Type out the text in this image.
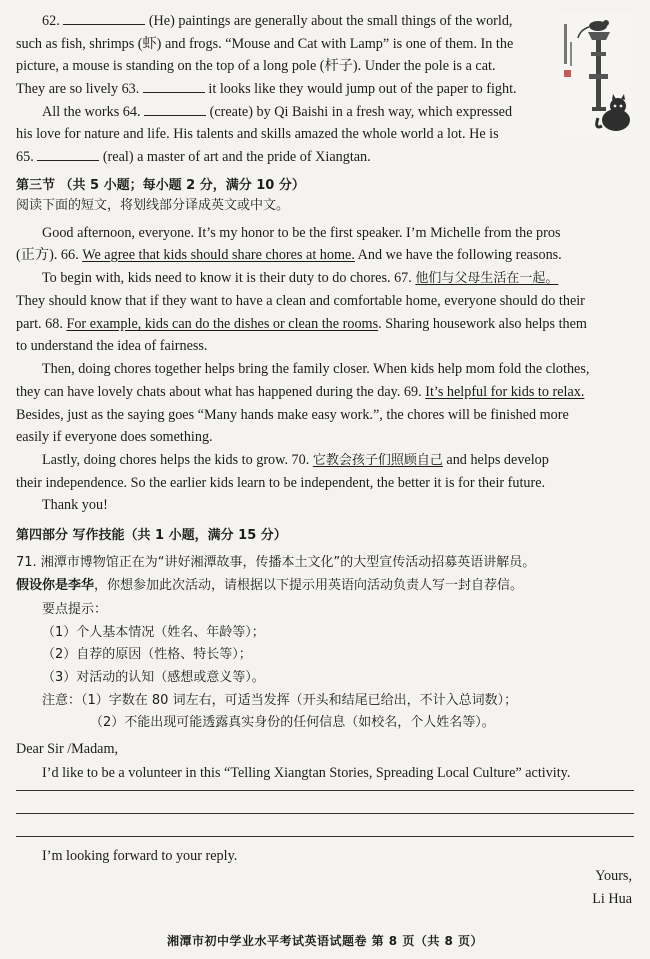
62.	(He) paintings are generally about the small things of the world,
such as fish, shrimps (虾) and frogs. “Mouse and Cat with Lamp” is one of them. In the
picture, a mouse is standing on the top of a long pole (杆子). Under the pole is a cat.
They are so lively 63.	it looks like they would jump out of the paper to fight.
All the works 64.	(create) by Qi Baishi in a fresh way, which expressed
his love for nature and life. His talents and skills amazed the whole world a lot. He is
65.	(real) a master of art and the pride of Xiangtan.
第三节 （共 5 小题；每小题 2 分，满分 10 分）
阅读下面的短文，将划线部分译成英文或中文。
Good afternoon, everyone. It’s my honor to be the first speaker. I’m Michelle from the pros
(正方). 66. We agree that kids should share chores at home. And we have the following reasons.
To begin with, kids need to know it is their duty to do chores. 67. 他们与父母生活在一起。
They should know that if they want to have a clean and comfortable home, everyone should do their
part. 68. For example, kids can do the dishes or clean the rooms. Sharing housework also helps them
to understand the idea of fairness.
Then, doing chores together helps bring the family closer. When kids help mom fold the clothes,
they can have lovely chats about what has happened during the day. 69. It’s helpful for kids to relax.
Besides, just as the saying goes “Many hands make easy work.”, the chores will be finished more
easily if everyone does something.
Lastly, doing chores helps the kids to grow. 70. 它教会孩子们照顾自己 and helps develop
their independence. So the earlier kids learn to be independent, the better it is for their future.
Thank you!
第四部分 写作技能（共 1 小题，满分 15 分）
71. 湘潭市博物馆正在为“讲好湘潭故事，传播本土文化”的大型宣传活动招募英语讲解员。
假设你是李华，你想参加此次活动，请根据以下提示用英语向活动负责人写一封自荐信。
要点提示：
（1）个人基本情况（姓名、年龄等）；
（2）自荐的原因（性格、特长等）；
（3）对活动的认知（感想或意义等）。
注意：（1）字数在 80 词左右，可适当发挥（开头和结尾已给出，不计入总词数）；
（2）不能出现可能透露真实身份的任何信息（如校名，个人姓名等）。
Dear Sir /Madam,
I’d like to be a volunteer in this “Telling Xiangtan Stories, Spreading Local Culture” activity.
I’m looking forward to your reply.
Yours,
Li Hua
湘潭市初中学业水平考试英语试题卷 第 8 页（共 8 页）
